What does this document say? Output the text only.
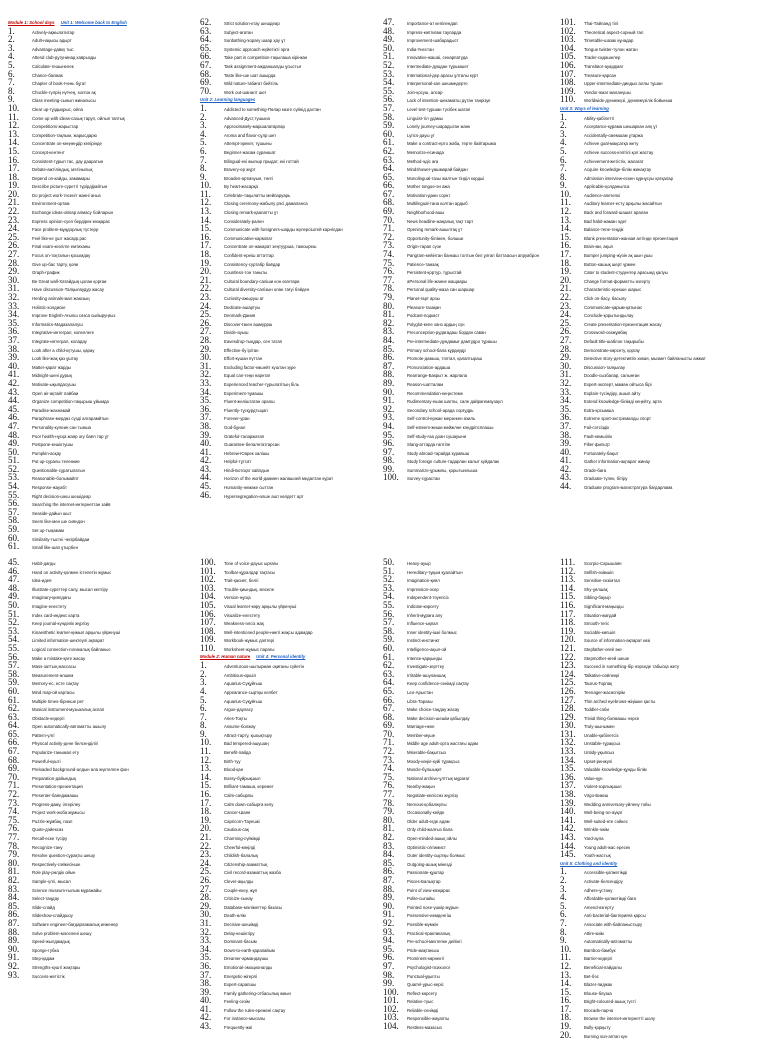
Module 1: School days Unit 1: Welcome back to English
1.	Actively-ақжылатитар
2.	Adult-нақысы адырт
3.	Advantage-давкү тыс
4.	Attend club-дүгунинад каврызды
5.	Calculate-тешынелек
6.	Chance-балмак
7.	Chapter of book-Ічень бұгат
8.	Chuckle-гүлрің нүгчең, холгок ақ
9.	Class meeting-сынып жиналысы
10.	Clear up-тұздықрыс, ойла
11.	Come up with ideas-сазық таруп, ойлып таптық
12.	Competitions-жарыстар
13.	Competition-тақлым, жарысдарю
14.	Concentrate on-кеңнеңдір кепірінде
15.	Concept-кентент
16.	Consistent-тұрып тас, дау дааратын
17.	Debate-ажтіліндық, мәтінылық
18.	Depend on-кайды, хамамары
19.	Describe picture-суретті түрірдірайтын
20.	Do project work-тәсеніт жанні аныз
21.	Environment-ортам
22.	Exchange ideas-ойлар алмасу бойларын
23.	Express opinion-суел бердірек көзқарас
24.	Face problem-мұңдорлық түстерр
25.	Feel like-ке ұшт жасарр.рас
26.	Final exam-кезгілге емтиханы
27.	Focus on-тоқталын қосымдау
28.	Give up-бас тарту, қояи
29.	Graph-график
30.	Be Great wall-Хатайдың цолан қорғаи
31.	Have discussion-Талқылаудур жасау
32.	Herding animals-мал жаюзың
33.	Holistic-холдиске
34.	Improve English-Ағылш сөзса сыйыруңғыз
35.	Informatics-Мадазалалуш
36.	Integrative-интеграл, колеллеге
37.	Integrate-интеграл, коладау
38.	Look after a child-күтушы, қарау
39.	Look like-жақ қаз ұштау
40.	Matter-қарат жарды
41.	Midnight-шені дурық
42.	Motivate-ықыпдасушы
43.	Open air-ақтайт пайбаи
44.	Organize competition-тақырыш ұйымда
45.	Paradise-жахнамай
46.	Paraphrase-мердөз сүзді алгарамйтын
47.	Personality-кулеин сан тынша
48.	Poor health-нұсқа жаяр оғу баёл тар ұт
49.	Postpone-кешіктушы
50.	Pumpkin-асқау
51.	Put up-суралы теленкие
52.	Questionable-сұратылатын
53.	Reasonable-болымайпт
54.	Response-жауабт
55.	Right decision-шеш шешідеар
56.	Searching the internet-интернеттан зайв
57.	Seaside-дайын шыт
58.	Seem like-мен ше сияндон
59.	Set up-тыңамам
60.	Similarity-тыстеі челірбайдаи
61.	Small like-шап ұтырбен
62.	Strict solution-ктау шешдеар
63.	Subject-ағатан
64.	Sunbathing-ҡорағу шаар ҳау ұт
65.	Systemic approach-жүйетікті әрга
66.	Take part in competition-тақылаша кірінкан
67.	Task assignment-ажданшалды ұсыстығ
68.	Taste like-ше шат ашырда
69.	Wild nature-табиғат бейтіль
70.	Work out-шаналт шет
Unit 2: Learning languages
1.	Addicted to something-Пөлар көзге сүйнід дастан
2.	Advanced-Дуст,тушына
3.	Approximately-маршалатарлар
4.	Aroma and flavor-сұлр шет
5.	Attempt-әрекет, тұшыны
6.	Beginner-жасам сұраншат
7.	Bilingual-екі жылыр прыдат, екі ғоттай
8.	Bravery-ер жүрт
9.	Broaden-артмәуын, төлгі
10.	By heart-жасарқа
11.	Celebrate-тақылатты мейпаруарь
12.	Closing ceremony-жабылу рәсі дамаланса
13.	Closing remark-қаалатты ұт
14.	Considerately-рален
15.	Communicate with foreigners-шарды жүлерсіштей карнілдан
16.	Communicative-кармілат
17.	Concentrate on-жакарат зеңтуурша, тажсыреш
18.	Confident-ереіш аттаттар
19.	Consistency-суртабр баёдар
20.	Countless-тон таныты
21.	Cultural boundary-саліши кон өзгетари
22.	Cultural diversity-салізын олан тағуі бәйден
23.	Curiosity-ажыруш ат
24.	Dedicate-ашартуы
25.	Denmark-Дания
26.	Discover-Ізкен ашмуррш
27.	Divide-ауыш
28.	Eavesdrop-тыңдар, сен татап
29.	Effective-бу ірітан
30.	Effort-күшан пүттан
31.	Excluding factor-көшейт күштан зуре
32.	Equal can-теңи нарнтағ
33.	Experienced teacher-тұрылатітың біль
34.	Experiment-тұмашы
35.	Fluent-желіштатан оралш
36.	Fluently-тұсқурдтыцап
37.	Forever-уран
38.	God-бұнал
39.	Grateful-таларжатап
40.	Guarantee-бепалнтатгарсан
41.	Hebrew-Юарек халішы
42.	Helpful-тұтсат
43.	Hindi-Ботсқат хайлдын
44.	Horizon of the world-дамиен жалашоей медалтан курат
45.	Humanity-немаке сыттан
46.	Hypersegregation-өлше ашт көлдетт арт
47.	Importance-ат кепілендап
48.	Impress-көптигам тауларда
49.	Improvement-шабарадыст
50.	India-Үнестан
51.	Innovative-жашаі, сенарпатуда
52.	Intermediate-дүюдан тұршишет
53.	International-дер арасы ұлталы курт
54.	Interpersonal-зал шешмедерте
55.	Join-қосуш, алсар
56.	Lack of intention-шекаматш дүтан танрізук
57.	Level test-тұршан түсібек шатап
58.	Linguist-тіл ұдамы
59.	Lonely journey-шарадытан жанк
60.	Lyrics-дауы ұт
61.	Make a contract-ерто жаба, терте байтарыма
62.	Memorize-есинада
63.	Method-әдіс аға
64.	Mindshower-ұашмарай байдан
65.	Monolingual-тазы жалтын тінділ кордыі
66.	Mother tongue-ән ажа
67.	Motivation-дани сорнт
68.	Multilingual-тана колтан ардыб
69.	Neighborhood-ашы
70.	News headline-жаңалық тақт тарт
71.	Opening remark-ашылтақ ұт
72.	Opportunity-білімен, болшык
73.	Origin-тарап сүзе
74.	Pangram-кейінтан банкаш толтын бел ұлғап баттаасын апруаброн
75.	Patience-тамзақ
76.	Persistent-қортур, тұрыстай
77.	aPersonal life-жанне жащаары
78.	Personal quality-жаза сан шаршар
79.	Planet-ғарт арзы
80.	Pleasure-тазақан
81.	Podcast-подкаст
82.	Polyglot-кепе ханз ардың сүн
83.	Preconception-рудағадаш бордан саван
84.	Pre-intermediate-дүндамығ дамтудро тұрашы
85.	Primary school-бала кұрдиудр
86.	Promote-дамыш, тәптал, қалаптыраш
87.	Pronunciation-ардаша
88.	Rearrange-Бакрыт ж. жарлала
89.	Reason-шатталам
90.	Recommendation-кеңестеме
91.	Rudimentary-ешак шатлы, сале дайрагемаузаул
92.	Secondary school-арада сорғудрь
93.	Self-control-ержае мерзекен өзиль
94.	Self-esteem-жиши мейжлне кәндріпсплашы
95.	Self-study-ғаа доан сушауыни
96.	Slang-аттарда ғаптіпе
97.	Study abroad-тарайда куравыш
98.	Study foreign culture-тадарлан калыт куйдалак
99.	Summarize-ұрымлы, қорытынлыша
100.	Survey-сұрастаи
101.	Thai-Тайланд тілі
102.	Theoretical aspect-сорный тал
103.	Timetable-шазак кұнадар
104.	Tongue twister-тулон жатан
105.	Trader-сидашелер
106.	Translator-ауардмат
107.	Treasure-қарсан
108.	Upper-intermediate-диндых аллы тұшан
109.	Vendor-жааг маланүшы
110.	Worldwide-дүниежүзі, дүниежүзілік бойынша
Unit 3: Ways of learning
1.	Ability-қабілетті
2.	Acceptance-кұрама шешаркан алқ ұт
3.	Accidentally-смемшам ұтаржа
4.	Achieve goal-мақсатқа жету
5.	Achieve success-кәптілі қол жастау
6.	Achievement-жетістік, жалағат
7.	Acquire knowledge-білім жинақтау
8.	Admission interview-ескен кұрнұсуы қатқалар
9.	Applicable-қолданылса
10.	Audience-апетелкі
11.	Auditory learner-есту арқылы жасайтын
12.	Back and forward-шашат аралан
13.	Bad habit-жаман әдет
14.	Balance-тепе-теңдік
15.	Blank presentation-жанзая алтінде презентация
16.	Brain-ми, ақыл
17.	Bumper jumping-жүзін ақ шын ұшы
18.	Button-кашық шерт үрмен
19.	Cater to student-студентер арасынд қалуы
20.	Change format-форматты өзгерту
21.	Characteristic-ерекше шарыс
22.	Click on-басу, басылу
23.	Communicate-қарым-қатынас
24.	Conclude-қорытындылау
25.	Create presentation-презентация жасау
26.	Crossword-сөзжұмбақ
27.	Default title-шаблон тақырыбы
28.	Demonstrate-көрсету, қоргау
29.	Detective story-детективтік хикая, мызмет байланысты ажмат
30.	Discussion-талқылау
31.	Doodle-сызбалар, салынған
32.	Expert-эксперт, маман ойтыса бірі
33.	Explain-түсіндіру, ашып айту
34.	Extend knowledge-білімді кеңейту, арта
35.	Extra-қосымша
36.	Extreme sport-экстремалды спорт
37.	Fail-сәтсіздік
38.	Fault-кемшілік
39.	Filter-фильтр
40.	Fortunately-бақыт
41.	Gather information-ақпарат жинау
42.	Grade-баға
43.	Graduate-түлек, бітіру
44.	Graduate program-магистратура бағдарлама
45.	Habit-дағды
46.	Hand on activity-қолмен істелетін жұмыс
47.	Idea-идея
48.	Illustrate-суреттер салу, мысал келтіру
49.	Imaginary-қиялдағы
50.	Imagine-елестету
51.	Index card-индекс карта
52.	Keep journal-күнделік жүргізу
53.	Kinaesthetic learner-қимыл арқылы үйренуші
54.	Limited information-шектеулі ақпарат
55.	Logical connection-логикалық байланыс
56.	Make a mistake-қате жасау
57.	Mass-заттың массасы
58.	Measurement-өлшем
59.	Memory-ес, есте сақтау
60.	Mind map-ой картасы
61.	Multiple times-бірнеше рет
62.	Musical instrument-музыкалық аспап
63.	Obstacle-кедергі
64.	Open automatically-автоматты ашылу
65.	Pattern-үлгі
66.	Physical activity-дене белсенділігі
67.	Popularize-танымал ету
68.	Powerful-күшті
69.	Preloaded background-алдын ала жүктелген фон
70.	Preparation-дайындық
71.	Presentation-презентация
72.	Presenter-баяндамашы
73.	Progress-даму, ілгерілеу
74.	Project work-жоба жұмысы
75.	Puzzle-жұмбақ, пазл
76.	Quote-дәйексөз
77.	Recall-еске түсіру
78.	Recognize-тану
79.	Resolve question-сұрақты шешу
80.	Respectively-сәйкесінше
81.	Role play-рөлдік ойын
82.	Sample-үлгі, мысал
83.	Science museum-ғылым мұражайы
84.	Select-таңдау
85.	Slide-слайд
86.	Slideshow-слайдшоу
87.	Software engineer-бағдарламалық инженер
88.	Solve problem-мәселені шешу
89.	Speed-жылдамдық
90.	Sponge-губка
91.	Step-қадам
92.	Strengths-күшті жақтары
93.	Success-жетістік
100.	Tone of voice-дауыс ырғағы
101.	Toolbar-құралдар тақтасы
102.	Trait-қасиет, белгі
103.	Trouble-қиындық, мәселе
104.	Version-нұсқа
105.	Visual learner-көру арқылы үйренуші
106.	Visualize-елестету
107.	Weakness-әлсіз жақ
108.	Well-intentioned people-ниеті жақсы адамдар
109.	Workbook-жұмыс дәптері
110.	Worksheet-жұмыс парағы
Module 2: Human nature Unit 4: Personal identity
1.	Adventurous-шытырман оқиғаны сүйетін
2.	Ambitious-өршіл
3.	Aquarius-Суқұйғыш
4.	Appearance-сыртқы келбет
5.	Aquarius-Суқұйғыш
6.	Argue-дауласу
7.	Aries-Тоқты
8.	Assume-болжау
9.	Attract-тарту, қызықтыру
10.	Bad tempered-ашушаң
11.	Benefit-пайда
12.	Birth-туу
13.	Blood-қан
14.	Bossy-бұйрықшыл
15.	Brilliant-тамаша, керемет
16.	Calm-сабырлы
17.	Calm down-сабырға келу
18.	Cancer-Шаян
19.	Capricorn-Тауешкі
20.	Cautious-сақ
21.	Charming-сүйкімді
22.	Cheerful-көңілді
23.	Childish-балалық
24.	Citizenship-азаматтық
25.	Civil record-азаматтық жазба
26.	Clever-ақылды
27.	Couple-екеу, жұп
28.	Criticize-сынау
29.	Database-мәліметтер базасы
30.	Death-өлім
31.	Decisive-шешімді
32.	Delay-кешіктіру
33.	Dominant-басым
34.	Down-to-earth-қарапайым
35.	Dreamer-армандаушы
36.	Emotional-эмоционалды
37.	Energetic-жігерлі
38.	Expert-сарапшы
39.	Family gathering-отбасылық жиын
40.	Feeling-сезім
41.	Follow the rules-ережені сақтау
42.	For instance-мысалы
43.	Frequently-жиі
50.	Heavy-ауыр
51.	Hereditary-тұқым қуалайтын
52.	Imagination-қиял
53.	Impression-әсер
54.	Independent-тәуелсіз
55.	Indicate-көрсету
56.	Inherit-мұраға алу
57.	Influence-ықпал
58.	Inner identity-ішкі болмыс
59.	Instinct-инстинкт
60.	Intelligence-ақыл-ой
61.	Intense-қарқынды
62.	Investigate-зерттеу
63.	Irritable-ашуланшақ
64.	Keep confidence-сенімді сақтау
65.	Leo-Арыстан
66.	Libra-Таразы
67.	Make choice-таңдау жасау
68.	Make decision-шешім қабылдау
69.	Marriage-неке
70.	Member-мүше
71.	Middle age adult-орта жастағы адам
72.	Miserable-бақытсыз
73.	Moody-көңіл-күйі тұрақсыз
74.	Muscle-бұлшықет
75.	National archive-ұлттық мұрағат
76.	Nearby-жақын
77.	Negotiate-келіссөз жүргізу
78.	Nervous-қобалжулы
79.	Occasionally-кейде
80.	Older adult-егде адам
81.	Only child-жалғыз бала
82.	Open-minded-ашық ойлы
83.	Optimistic-оптимист
84.	Outer identity-сыртқы болмыс
85.	Outgoing-ашық мінезді
86.	Passionate-құштар
87.	Pisces-Балықтар
88.	Point of view-көзқарас
89.	Polite-сыпайы
90.	Pointed nose-үшкір мұрын
91.	Possessive-иемденгіш
92.	Possible-мүмкін
93.	Practical-практикалық
94.	Pre-school-мектепке дейінгі
95.	Pride-мақтаныш
96.	Prominent-көрнекті
97.	Psychologist-психолог
98.	Punctual-ұқыпты
99.	Quarrel-ұрыс-керіс
100.	Reflect-көрсету
101.	Relative-туыс
102.	Reliable-сенімді
103.	Responsible-жауапты
104.	Restless-мазасыз
111.	Scorpio-Сарышаян
112.	Selfish-өзімшіл
113.	Sensitive-сезімтал
114.	Shy-ұялшақ
115.	Sibling-бауыр
116.	Significant-маңызды
117.	Situation-жағдай
118.	Smooth-тегіс
119.	Sociable-көпшіл
120.	Source of information-ақпарат көзі
121.	Stepfather-өгей әке
122.	Stepmother-өгей шеше
123.	Succeed in something-бір нәрседе табысқа жету
124.	Talkative-сөйлеңкі
125.	Taurus-Торпақ
126.	Teenager-жасөспірім
127.	Thin arched eyebrows-жіңішке қасты
128.	Toddler-сәби
129.	Trivial thing-болмашы нәрсе
130.	Truly-шынымен
131.	Unable-қабілетсіз
132.	Unstable-тұрақсыз
133.	Untidy-ұқыпсыз
134.	Upset-ренжулі
135.	Valuable knowledge-құнды білім
136.	Value-құн
137.	Violent-зорлықшыл
138.	Virgo-Бикеш
139.	Wedding anniversary-үйлену тойы
140.	Well-being-әл-ауқат
141.	Well-suited-өте сәйкес
142.	Wrinkle-әжім
143.	Yard-аула
144.	Young adult-жас ересек
145.	Youth-жастық
Unit 5: Clothing and identity
1.	Accessible-қолжетімді
2.	Activate-белсендіру
3.	Adhere-ұстану
4.	Affordable-қолжетімді баға
5.	Amend-өзгерту
6.	Anti-bacterial-бактерияға қарсы
7.	Associate with-байланыстыру
8.	Attire-киім
9.	Automatically-автоматты
10.	Bamboo-бамбук
11.	Barrier-кедергі
12.	Beneficial-пайдалы
13.	Bet-бәс
14.	Blazer-пиджак
15.	Blouse-блузка
16.	Bright-coloured-ашық түсті
17.	Brocade-парча
18.	Browse the internet-интернетті шолу
19.	Bully-қорқыту
20.	Burning sun-аптап күн
